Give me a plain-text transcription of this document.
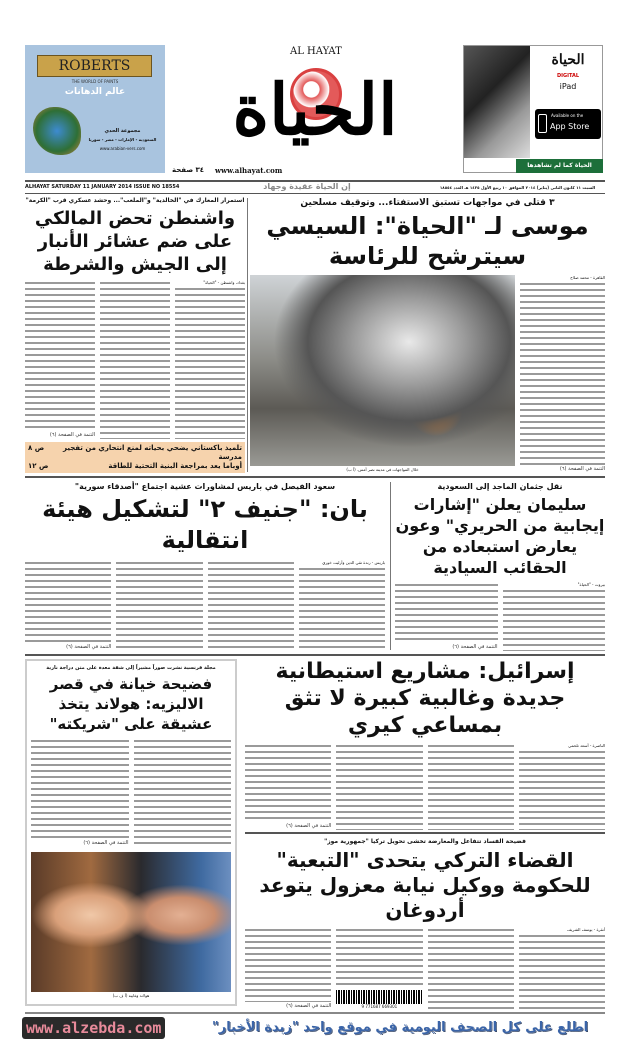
ROBERTS
THE WORLD OF PAINTS
عالم الدهانات
مجموعة الحدي
السعودية - الإمارات - مصر - سوريا
www.arabian-vers.com
AL HAYAT
الحياة
٣٤ صفحة www.alhayat.com
الحياة
DIGITAL
iPad
Available on the
App Store
الحياة كما لم تشاهدها
ALHAYAT SATURDAY 11 JANUARY 2014 ISSUE NO 18554	إن الحياة عقيدة وجهاد	السبت ١١ كانون الثاني (يناير) ٢٠١٤ الموافق ١٠ ربيع الأول ١٤٣٥ هـ العدد ١٨٥٥٤
استمرار المعارك في "الخالدية" و"الملعب"... وحشد عسكري قرب "الكرمة"
واشنطن تحض المالكي على ضم عشائر الأنبار إلى الجيش والشرطة
بغداد، واشنطن - "الحياة"
التتمة في الصفحة (٦)
تلميذ باكستاني يضحي بحياته لمنع انتحاري من تفجير مدرسة
ص ٨
أوباما يعد بمراجعة البنية التحتية للطاقة
ص ١٢
٣ قتلى في مواجهات تستبق الاستفتاء... وتوقيف مسلحين
موسى لـ "الحياة": السيسي سيترشح للرئاسة
القاهرة - محمد صلاح
التتمة في الصفحة (٦)
خلال المواجهات في مدينة نصر أمس. (أ ب)
سعود الفيصل في باريس لمشاورات عشية اجتماع "أصدقاء سورية"
بان: "جنيف ٢" لتشكيل هيئة انتقالية
باريس - رندة تقي الدين وأرليت خوري
التتمة في الصفحة (٦)
نقل جثمان الماجد إلى السعودية
سليمان يعلن "إشارات إيجابية من الحريري" وعون يعارض استبعاده من الحقائب السيادية
بيروت - "الحياة"
التتمة في الصفحة (٦)
مجلة فرنسية نشرت صوراً مشيراً إلى شقة معدة على متن دراجة نارية
فضيحة خيانة في قصر الاليزيه: هولاند يتخذ عشيقة على "شريكته"
التتمة في الصفحة (٦)
هولاند وغاييه (أ ف ب)
إسرائيل: مشاريع استيطانية جديدة وغالبية كبيرة لا تثق بمساعي كيري
الناصرة - أسعد تلحمي
التتمة في الصفحة (٦)
فضيحة الفساد تتفاعل والمعارضة تخشى تحويل تركيا "جمهورية موز"
القضاء التركي يتحدى "التبعية" للحكومة ووكيل نيابة معزول يتوعد أردوغان
أنقرة - يوسف الشريف
9 771687 669301
التتمة في الصفحة (٦)
www.alzebda.com	اطلع على كل الصحف اليومية في موقع واحد "زبدة الأخبار"
